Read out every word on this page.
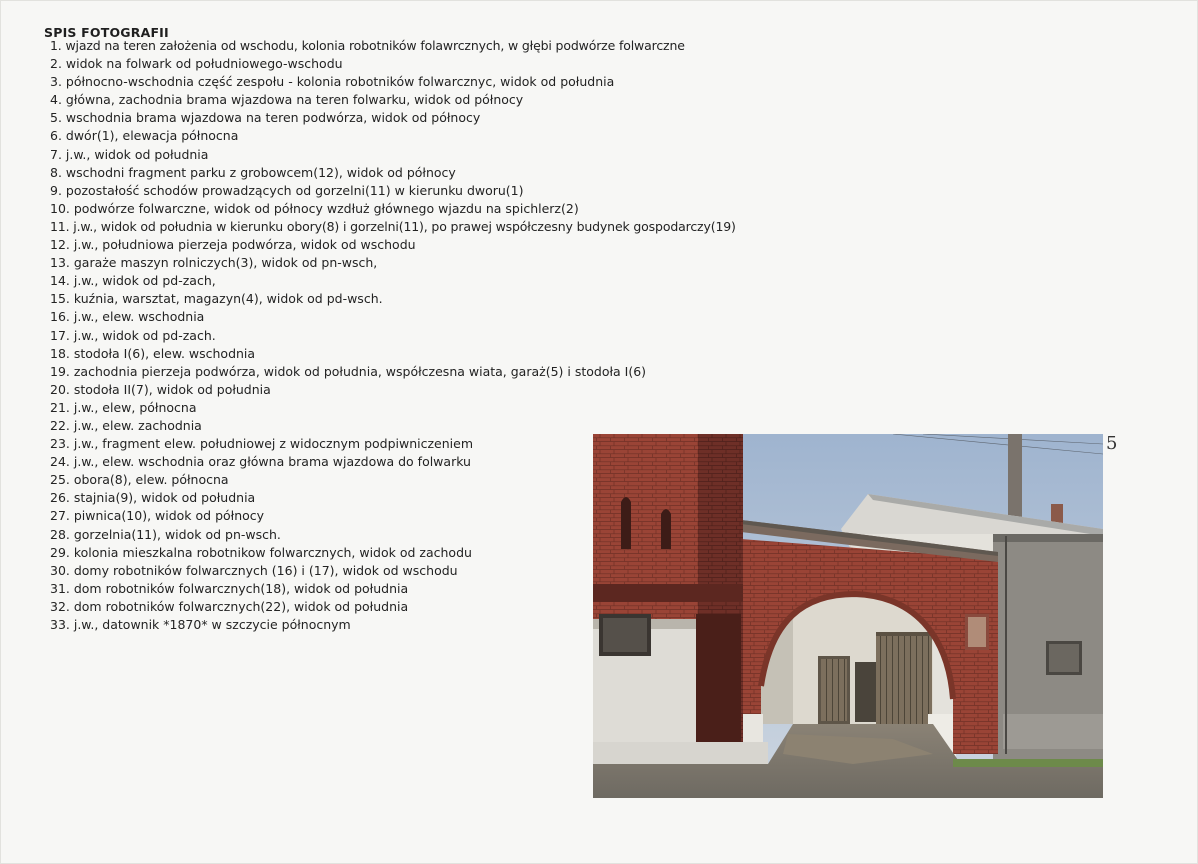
SPIS FOTOGRAFII
1. wjazd na teren założenia od wschodu, kolonia robotników folawrcznych, w głębi podwórze folwarczne
2. widok na folwark od południowego-wschodu
3. północno-wschodnia część zespołu - kolonia robotników folwarcznyc, widok od południa
4. główna, zachodnia brama wjazdowa na teren folwarku, widok od północy
5. wschodnia brama wjazdowa na teren podwórza, widok od północy
6. dwór(1), elewacja północna
7. j.w., widok od południa
8. wschodni fragment parku z grobowcem(12), widok od północy
9. pozostałość schodów prowadzących od gorzelni(11) w kierunku dworu(1)
10. podwórze folwarczne, widok od północy wzdłuż głównego wjazdu na spichlerz(2)
11. j.w., widok od południa w kierunku obory(8) i gorzelni(11), po prawej współczesny budynek gospodarczy(19)
12. j.w., południowa pierzeja podwórza, widok od wschodu
13. garaże maszyn rolniczych(3), widok od pn-wsch,
14. j.w., widok od pd-zach,
15. kuźnia, warsztat, magazyn(4), widok od pd-wsch.
16. j.w., elew. wschodnia
17. j.w., widok od pd-zach.
18. stodoła I(6), elew. wschodnia
19. zachodnia pierzeja podwórza, widok od południa, współczesna wiata, garaż(5) i stodoła I(6)
20. stodoła II(7), widok od południa
21. j.w., elew, północna
22. j.w., elew. zachodnia
23. j.w., fragment elew. południowej z widocznym podpiwniczeniem
24. j.w., elew. wschodnia oraz główna brama wjazdowa do folwarku
25. obora(8), elew. północna
26. stajnia(9), widok od południa
27. piwnica(10), widok od północy
28. gorzelnia(11), widok od pn-wsch.
29. kolonia mieszkalna robotnikow folwarcznych, widok od zachodu
30. domy robotników folwarcznych (16) i (17), widok od wschodu
31. dom robotników folwarcznych(18), widok od południa
32. dom robotników folwarcznych(22), widok od południa
33. j.w., datownik *1870* w szczycie północnym
5
